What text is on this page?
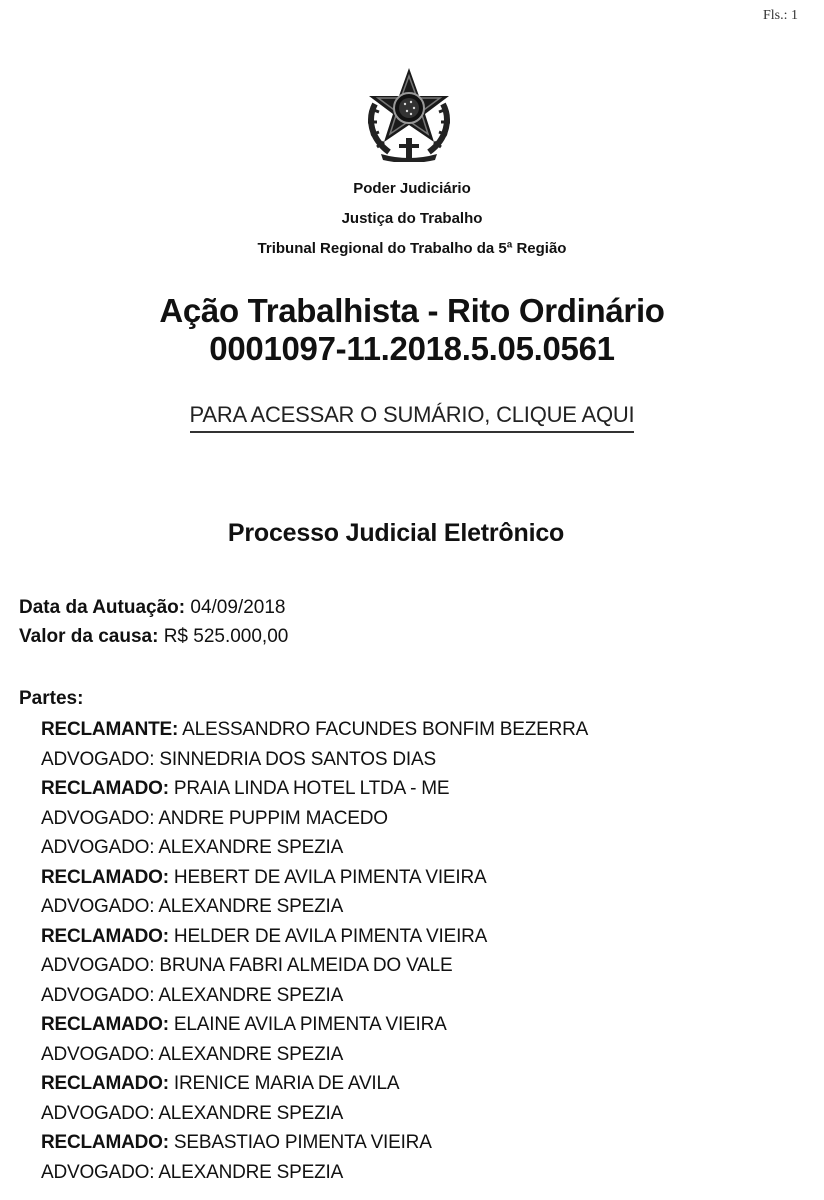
Fls.: 1
Poder Judiciário
Justiça do Trabalho
Tribunal Regional do Trabalho da 5ª Região
Ação Trabalhista - Rito Ordinário
0001097-11.2018.5.05.0561
PARA ACESSAR O SUMÁRIO, CLIQUE AQUI
Processo Judicial Eletrônico
Data da Autuação: 04/09/2018
Valor da causa: R$ 525.000,00
Partes:
RECLAMANTE: ALESSANDRO FACUNDES BONFIM BEZERRA
ADVOGADO: SINNEDRIA DOS SANTOS DIAS
RECLAMADO: PRAIA LINDA HOTEL LTDA - ME
ADVOGADO: ANDRE PUPPIM MACEDO
ADVOGADO: ALEXANDRE SPEZIA
RECLAMADO: HEBERT DE AVILA PIMENTA VIEIRA
ADVOGADO: ALEXANDRE SPEZIA
RECLAMADO: HELDER DE AVILA PIMENTA VIEIRA
ADVOGADO: BRUNA FABRI ALMEIDA DO VALE
ADVOGADO: ALEXANDRE SPEZIA
RECLAMADO: ELAINE AVILA PIMENTA VIEIRA
ADVOGADO: ALEXANDRE SPEZIA
RECLAMADO: IRENICE MARIA DE AVILA
ADVOGADO: ALEXANDRE SPEZIA
RECLAMADO: SEBASTIAO PIMENTA VIEIRA
ADVOGADO: ALEXANDRE SPEZIA
